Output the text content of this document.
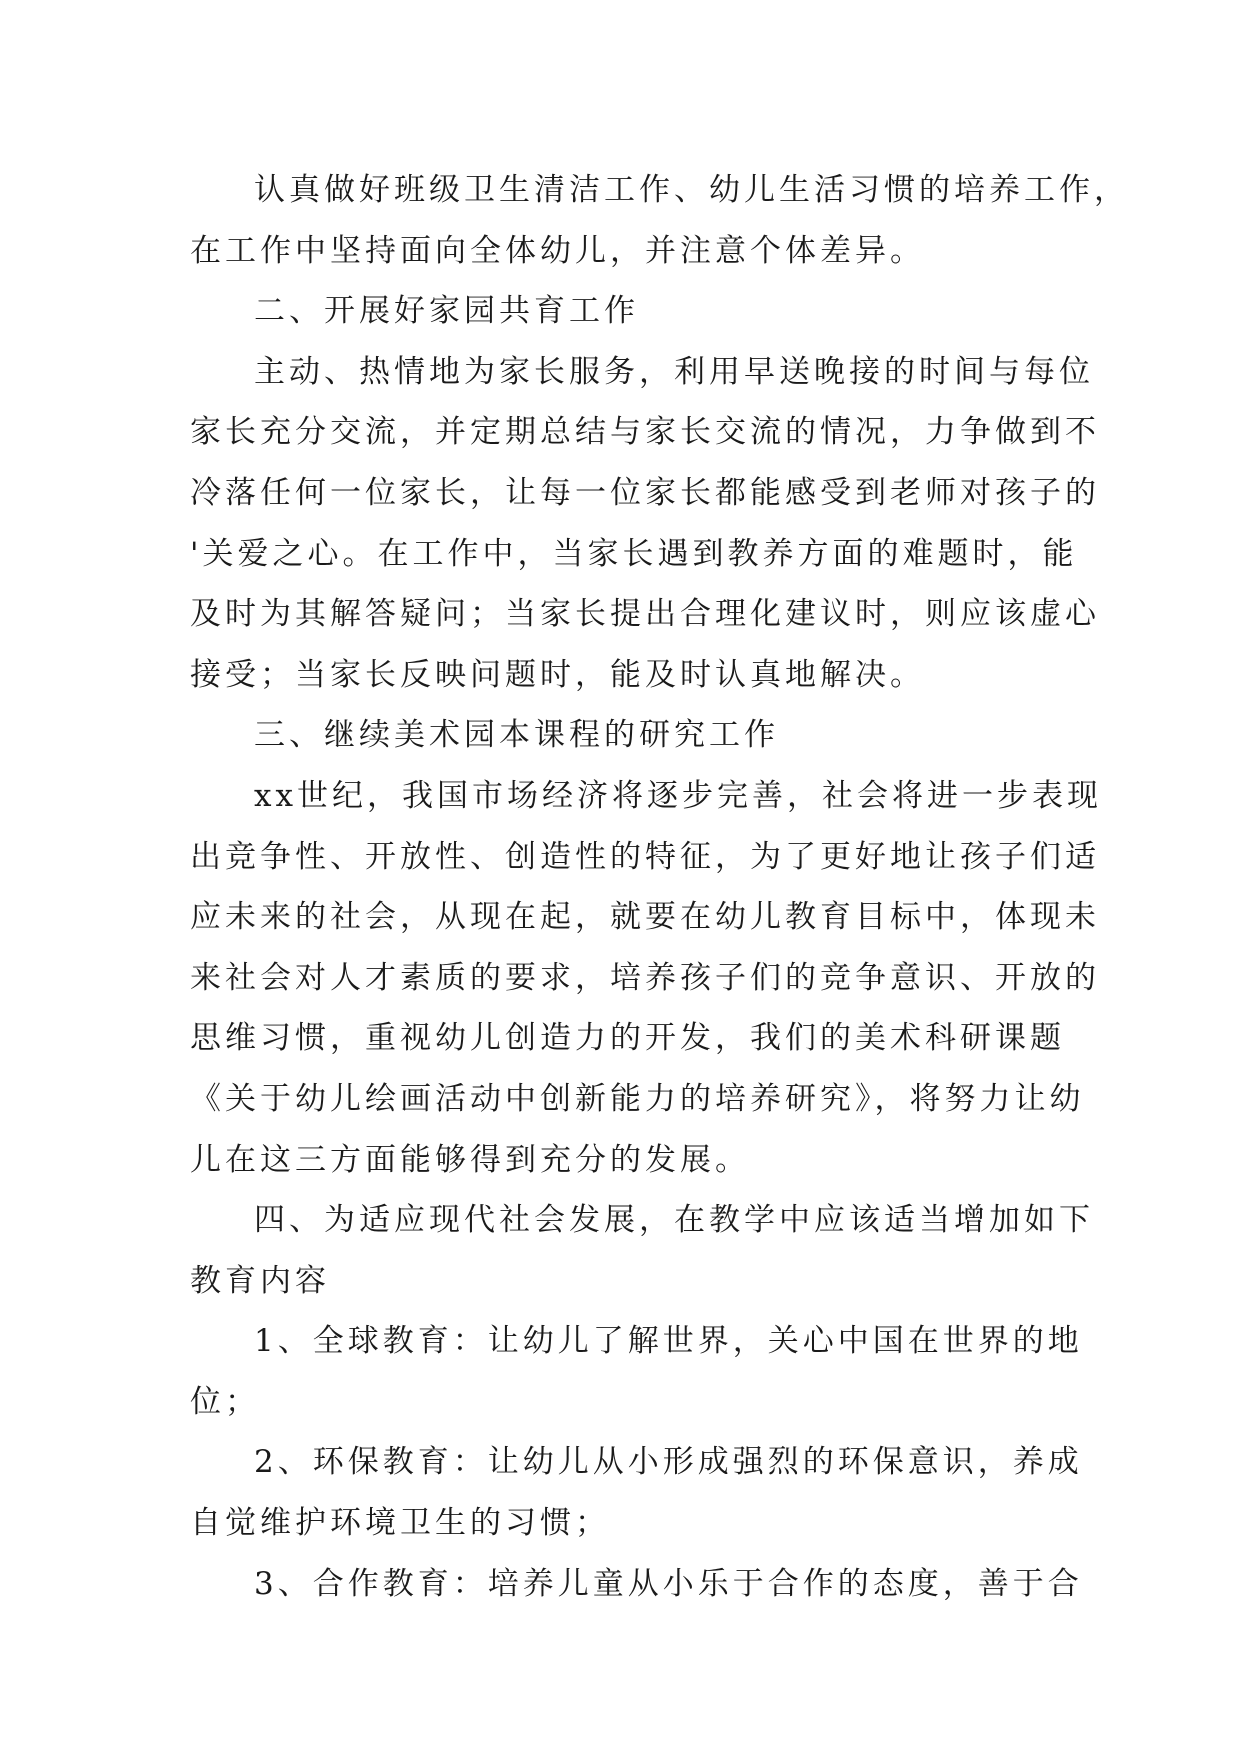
认真做好班级卫生清洁工作、幼儿生活习惯的培养工作，
在工作中坚持面向全体幼儿，并注意个体差异。
二、开展好家园共育工作
主动、热情地为家长服务，利用早送晚接的时间与每位
家长充分交流，并定期总结与家长交流的情况，力争做到不
冷落任何一位家长，让每一位家长都能感受到老师对孩子的
'关爱之心。在工作中，当家长遇到教养方面的难题时，能
及时为其解答疑问；当家长提出合理化建议时，则应该虚心
接受；当家长反映问题时，能及时认真地解决。
三、继续美术园本课程的研究工作
xx世纪，我国市场经济将逐步完善，社会将进一步表现
出竞争性、开放性、创造性的特征，为了更好地让孩子们适
应未来的社会，从现在起，就要在幼儿教育目标中，体现未
来社会对人才素质的要求，培养孩子们的竞争意识、开放的
思维习惯，重视幼儿创造力的开发，我们的美术科研课题
《关于幼儿绘画活动中创新能力的培养研究》，将努力让幼
儿在这三方面能够得到充分的发展。
四、为适应现代社会发展，在教学中应该适当增加如下
教育内容
1、全球教育：让幼儿了解世界，关心中国在世界的地
位；
2、环保教育：让幼儿从小形成强烈的环保意识，养成
自觉维护环境卫生的习惯；
3、合作教育：培养儿童从小乐于合作的态度，善于合
